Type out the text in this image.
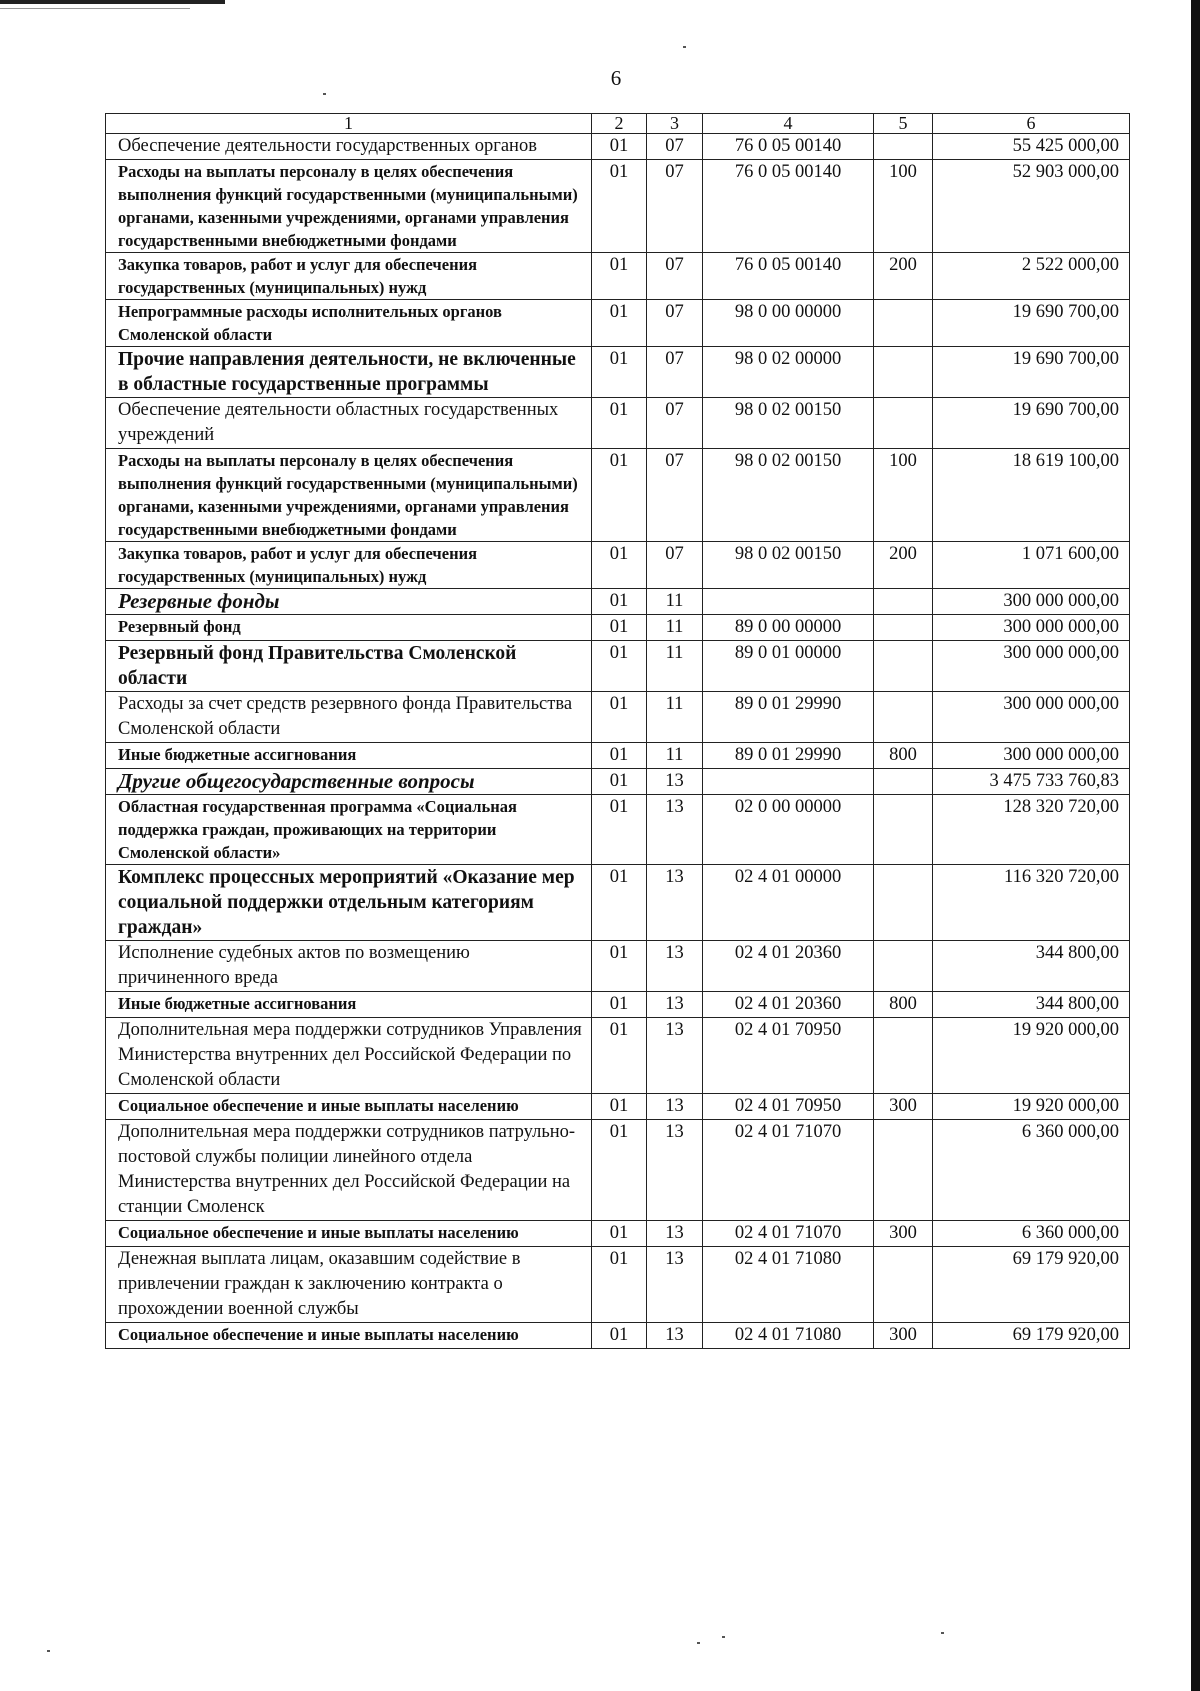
6
1	2	3	4	5	6
Обеспечение деятельности государственных органов	01	07	76 0 05 00140		55 425 000,00
Расходы на выплаты персоналу в целях обеспечения выполнения функций государственными (муниципальными) органами, казенными учреждениями, органами управления государственными внебюджетными фондами	01	07	76 0 05 00140	100	52 903 000,00
Закупка товаров, работ и услуг для обеспечения государственных (муниципальных) нужд	01	07	76 0 05 00140	200	2 522 000,00
Непрограммные расходы исполнительных органов Смоленской области	01	07	98 0 00 00000		19 690 700,00
Прочие направления деятельности, не включенные в областные государственные программы	01	07	98 0 02 00000		19 690 700,00
Обеспечение деятельности областных государственных учреждений	01	07	98 0 02 00150		19 690 700,00
Расходы на выплаты персоналу в целях обеспечения выполнения функций государственными (муниципальными) органами, казенными учреждениями, органами управления государственными внебюджетными фондами	01	07	98 0 02 00150	100	18 619 100,00
Закупка товаров, работ и услуг для обеспечения государственных (муниципальных) нужд	01	07	98 0 02 00150	200	1 071 600,00
Резервные фонды	01	11			300 000 000,00
Резервный фонд	01	11	89 0 00 00000		300 000 000,00
Резервный фонд Правительства Смоленской области	01	11	89 0 01 00000		300 000 000,00
Расходы за счет средств резервного фонда Правительства Смоленской области	01	11	89 0 01 29990		300 000 000,00
Иные бюджетные ассигнования	01	11	89 0 01 29990	800	300 000 000,00
Другие общегосударственные вопросы	01	13			3 475 733 760,83
Областная государственная программа «Социальная поддержка граждан, проживающих на территории Смоленской области»	01	13	02 0 00 00000		128 320 720,00
Комплекс процессных мероприятий «Оказание мер социальной поддержки отдельным категориям граждан»	01	13	02 4 01 00000		116 320 720,00
Исполнение судебных актов по возмещению причиненного вреда	01	13	02 4 01 20360		344 800,00
Иные бюджетные ассигнования	01	13	02 4 01 20360	800	344 800,00
Дополнительная мера поддержки сотрудников Управления Министерства внутренних дел Российской Федерации по Смоленской области	01	13	02 4 01 70950		19 920 000,00
Социальное обеспечение и иные выплаты населению	01	13	02 4 01 70950	300	19 920 000,00
Дополнительная мера поддержки сотрудников патрульно-постовой службы полиции линейного отдела Министерства внутренних дел Российской Федерации на станции Смоленск	01	13	02 4 01 71070		6 360 000,00
Социальное обеспечение и иные выплаты населению	01	13	02 4 01 71070	300	6 360 000,00
Денежная выплата лицам, оказавшим содействие в привлечении граждан к заключению контракта о прохождении военной службы	01	13	02 4 01 71080		69 179 920,00
Социальное обеспечение и иные выплаты населению	01	13	02 4 01 71080	300	69 179 920,00
